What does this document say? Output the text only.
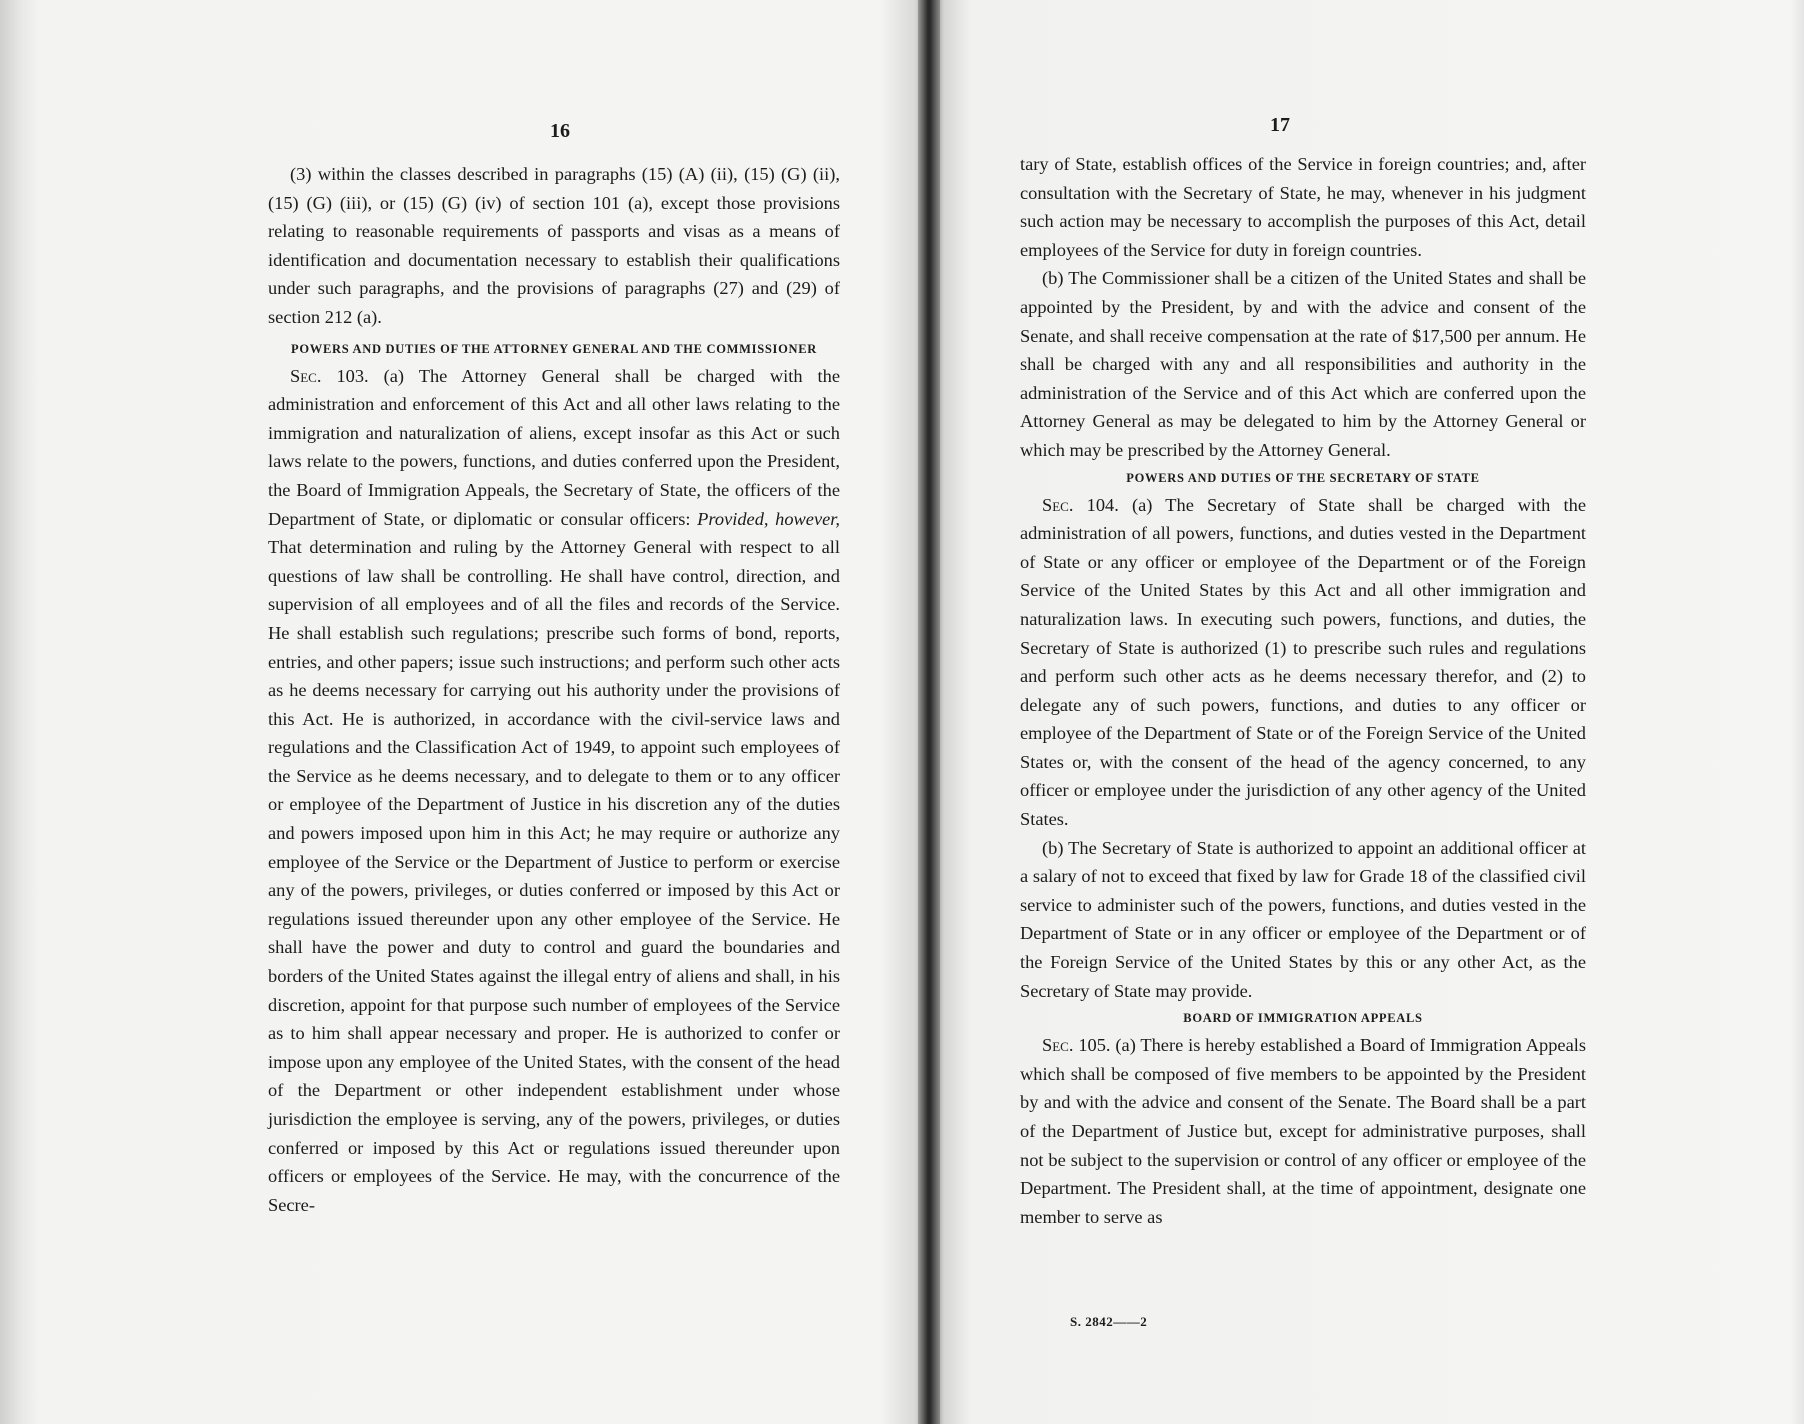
16

(3) within the classes described in paragraphs (15) (A) (ii), (15) (G) (ii), (15) (G) (iii), or (15) (G) (iv) of section 101 (a), except those provisions relating to reasonable requirements of passports and visas as a means of identification and documentation necessary to establish their qualifications under such paragraphs, and the provisions of paragraphs (27) and (29) of section 212 (a).

POWERS AND DUTIES OF THE ATTORNEY GENERAL AND THE COMMISSIONER

Sec. 103. (a) The Attorney General shall be charged with the administration and enforcement of this Act and all other laws relating to the immigration and naturalization of aliens, except insofar as this Act or such laws relate to the powers, functions, and duties conferred upon the President, the Board of Immigration Appeals, the Secretary of State, the officers of the Department of State, or diplomatic or consular officers: Provided, however, That determination and ruling by the Attorney General with respect to all questions of law shall be controlling. He shall have control, direction, and supervision of all employees and of all the files and records of the Service. He shall establish such regulations; prescribe such forms of bond, reports, entries, and other papers; issue such instructions; and perform such other acts as he deems necessary for carrying out his authority under the provisions of this Act. He is authorized, in accordance with the civil-service laws and regulations and the Classification Act of 1949, to appoint such employees of the Service as he deems necessary, and to delegate to them or to any officer or employee of the Department of Justice in his discretion any of the duties and powers imposed upon him in this Act; he may require or authorize any employee of the Service or the Department of Justice to perform or exercise any of the powers, privileges, or duties conferred or imposed by this Act or regulations issued thereunder upon any other employee of the Service. He shall have the power and duty to control and guard the boundaries and borders of the United States against the illegal entry of aliens and shall, in his discretion, appoint for that purpose such number of employees of the Service as to him shall appear necessary and proper. He is authorized to confer or impose upon any employee of the United States, with the consent of the head of the Department or other independent establishment under whose jurisdiction the employee is serving, any of the powers, privileges, or duties conferred or imposed by this Act or regulations issued thereunder upon officers or employees of the Service. He may, with the concurrence of the Secre-

17

tary of State, establish offices of the Service in foreign countries; and, after consultation with the Secretary of State, he may, whenever in his judgment such action may be necessary to accomplish the purposes of this Act, detail employees of the Service for duty in foreign countries.

(b) The Commissioner shall be a citizen of the United States and shall be appointed by the President, by and with the advice and consent of the Senate, and shall receive compensation at the rate of $17,500 per annum. He shall be charged with any and all responsibilities and authority in the administration of the Service and of this Act which are conferred upon the Attorney General as may be delegated to him by the Attorney General or which may be prescribed by the Attorney General.

POWERS AND DUTIES OF THE SECRETARY OF STATE

Sec. 104. (a) The Secretary of State shall be charged with the administration of all powers, functions, and duties vested in the Department of State or any officer or employee of the Department or of the Foreign Service of the United States by this Act and all other immigration and naturalization laws. In executing such powers, functions, and duties, the Secretary of State is authorized (1) to prescribe such rules and regulations and perform such other acts as he deems necessary therefor, and (2) to delegate any of such powers, functions, and duties to any officer or employee of the Department of State or of the Foreign Service of the United States or, with the consent of the head of the agency concerned, to any officer or employee under the jurisdiction of any other agency of the United States.

(b) The Secretary of State is authorized to appoint an additional officer at a salary of not to exceed that fixed by law for Grade 18 of the classified civil service to administer such of the powers, functions, and duties vested in the Department of State or in any officer or employee of the Department or of the Foreign Service of the United States by this or any other Act, as the Secretary of State may provide.

BOARD OF IMMIGRATION APPEALS

Sec. 105. (a) There is hereby established a Board of Immigration Appeals which shall be composed of five members to be appointed by the President by and with the advice and consent of the Senate. The Board shall be a part of the Department of Justice but, except for administrative purposes, shall not be subject to the supervision or control of any officer or employee of the Department. The President shall, at the time of appointment, designate one member to serve as

S. 2842——2
